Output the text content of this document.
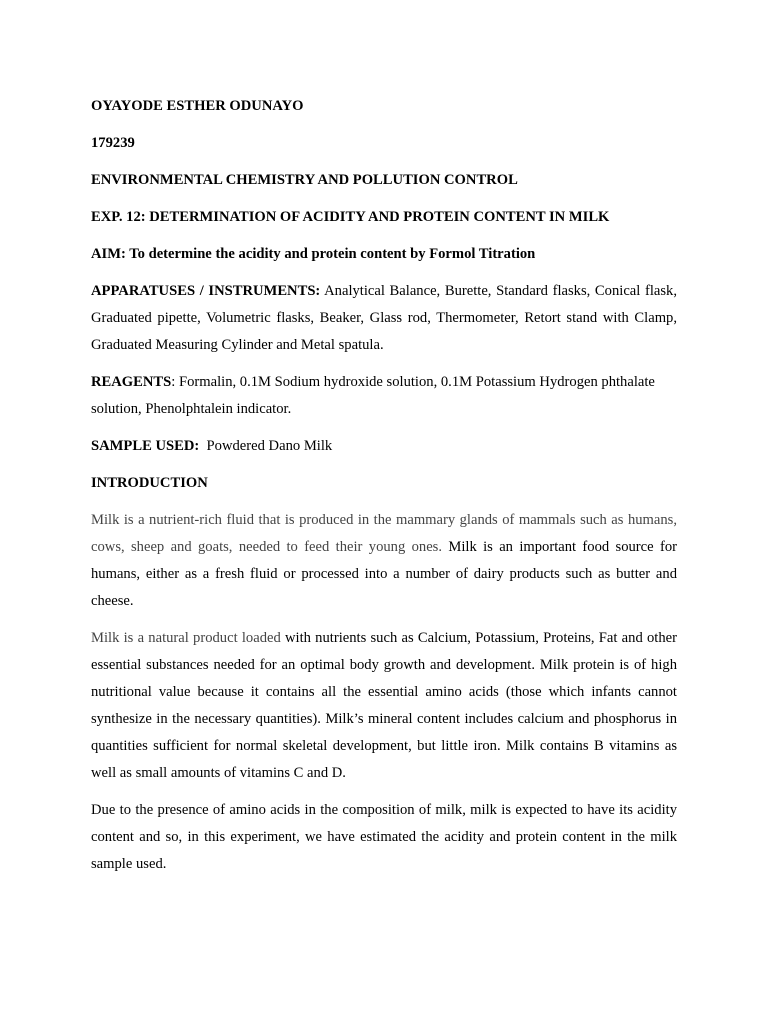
OYAYODE ESTHER ODUNAYO
179239
ENVIRONMENTAL CHEMISTRY AND POLLUTION CONTROL
EXP. 12: DETERMINATION OF ACIDITY AND PROTEIN CONTENT IN MILK
AIM: To determine the acidity and protein content by Formol Titration
APPARATUSES / INSTRUMENTS: Analytical Balance, Burette, Standard flasks, Conical flask, Graduated pipette, Volumetric flasks, Beaker, Glass rod, Thermometer, Retort stand with Clamp, Graduated Measuring Cylinder and Metal spatula.
REAGENTS: Formalin, 0.1M Sodium hydroxide solution, 0.1M Potassium Hydrogen phthalate
solution, Phenolphtalein indicator.
SAMPLE USED:  Powdered Dano Milk
INTRODUCTION
Milk is a nutrient-rich fluid that is produced in the mammary glands of mammals such as humans, cows, sheep and goats, needed to feed their young ones. Milk is an important food source for humans, either as a fresh fluid or processed into a number of dairy products such as butter and cheese.
Milk is a natural product loaded with nutrients such as Calcium, Potassium, Proteins, Fat and other essential substances needed for an optimal body growth and development. Milk protein is of high nutritional value because it contains all the essential amino acids (those which infants cannot synthesize in the necessary quantities). Milk’s mineral content includes calcium and phosphorus in quantities sufficient for normal skeletal development, but little iron. Milk contains B vitamins as well as small amounts of vitamins C and D.
Due to the presence of amino acids in the composition of milk, milk is expected to have its acidity content and so, in this experiment, we have estimated the acidity and protein content in the milk sample used.
